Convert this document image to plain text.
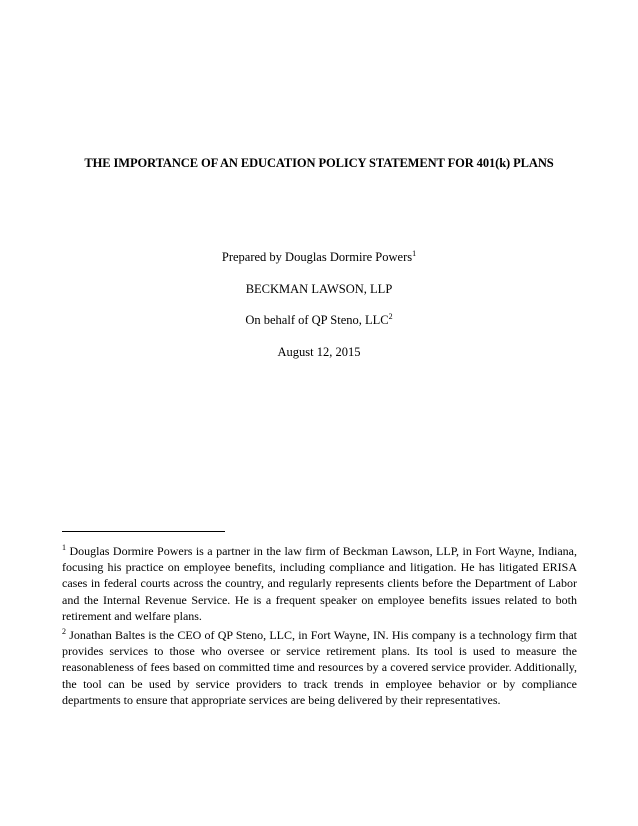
THE IMPORTANCE OF AN EDUCATION POLICY STATEMENT FOR 401(k) PLANS
Prepared by Douglas Dormire Powers$^1$
BECKMAN LAWSON, LLP
On behalf of QP Steno, LLC$^2$
August 12, 2015
$^1$ Douglas Dormire Powers is a partner in the law firm of Beckman Lawson, LLP, in Fort Wayne, Indiana, focusing his practice on employee benefits, including compliance and litigation. He has litigated ERISA cases in federal courts across the country, and regularly represents clients before the Department of Labor and the Internal Revenue Service. He is a frequent speaker on employee benefits issues related to both retirement and welfare plans.
$^2$ Jonathan Baltes is the CEO of QP Steno, LLC, in Fort Wayne, IN. His company is a technology firm that provides services to those who oversee or service retirement plans. Its tool is used to measure the reasonableness of fees based on committed time and resources by a covered service provider. Additionally, the tool can be used by service providers to track trends in employee behavior or by compliance departments to ensure that appropriate services are being delivered by their representatives.
